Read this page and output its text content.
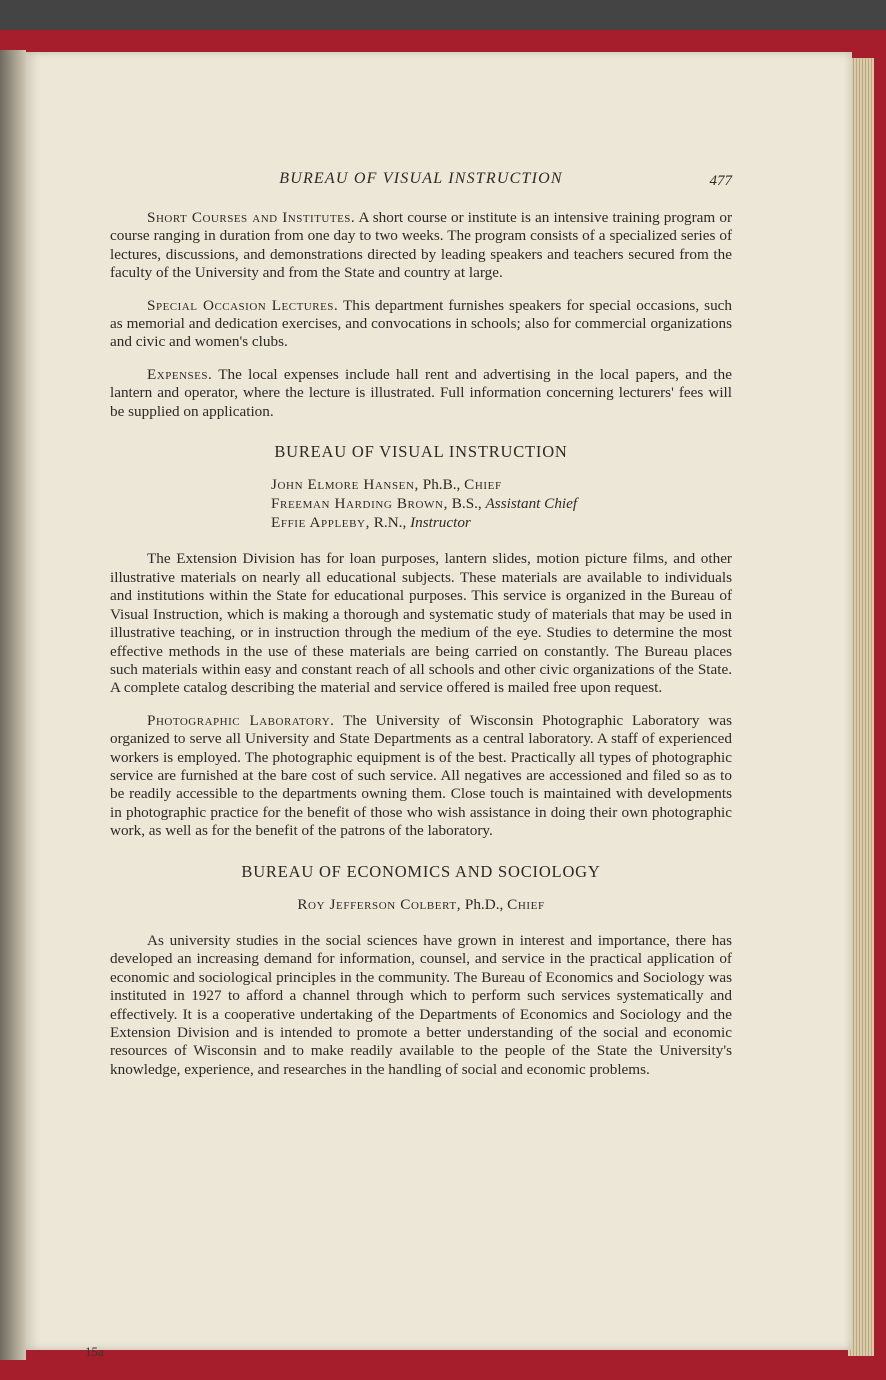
BUREAU OF VISUAL INSTRUCTION	477

Short Courses and Institutes. A short course or institute is an intensive training program or course ranging in duration from one day to two weeks. The program consists of a specialized series of lectures, discussions, and demonstrations directed by leading speakers and teachers secured from the faculty of the University and from the State and country at large.

Special Occasion Lectures. This department furnishes speakers for special occasions, such as memorial and dedication exercises, and convocations in schools; also for commercial organizations and civic and women's clubs.

Expenses. The local expenses include hall rent and advertising in the local papers, and the lantern and operator, where the lecture is illustrated. Full information concerning lecturers' fees will be supplied on application.

BUREAU OF VISUAL INSTRUCTION
John Elmore Hansen, Ph.B., Chief
Freeman Harding Brown, B.S., Assistant Chief
Effie Appleby, R.N., Instructor

The Extension Division has for loan purposes, lantern slides, motion picture films, and other illustrative materials on nearly all educational subjects. These materials are available to individuals and institutions within the State for educational purposes. This service is organized in the Bureau of Visual Instruction, which is making a thorough and systematic study of materials that may be used in illustrative teaching, or in instruction through the medium of the eye. Studies to determine the most effective methods in the use of these materials are being carried on constantly. The Bureau places such materials within easy and constant reach of all schools and other civic organizations of the State. A complete catalog describing the material and service offered is mailed free upon request.

Photographic Laboratory. The University of Wisconsin Photographic Laboratory was organized to serve all University and State Departments as a central laboratory. A staff of experienced workers is employed. The photographic equipment is of the best. Practically all types of photographic service are furnished at the bare cost of such service. All negatives are accessioned and filed so as to be readily accessible to the departments owning them. Close touch is maintained with developments in photographic practice for the benefit of those who wish assistance in doing their own photographic work, as well as for the benefit of the patrons of the laboratory.

BUREAU OF ECONOMICS AND SOCIOLOGY
Roy Jefferson Colbert, Ph.D., Chief

As university studies in the social sciences have grown in interest and importance, there has developed an increasing demand for information, counsel, and service in the practical application of economic and sociological principles in the community. The Bureau of Economics and Sociology was instituted in 1927 to afford a channel through which to perform such services systematically and effectively. It is a cooperative undertaking of the Departments of Economics and Sociology and the Extension Division and is intended to promote a better understanding of the social and economic resources of Wisconsin and to make readily available to the people of the State the University's knowledge, experience, and researches in the handling of social and economic problems.

15a
